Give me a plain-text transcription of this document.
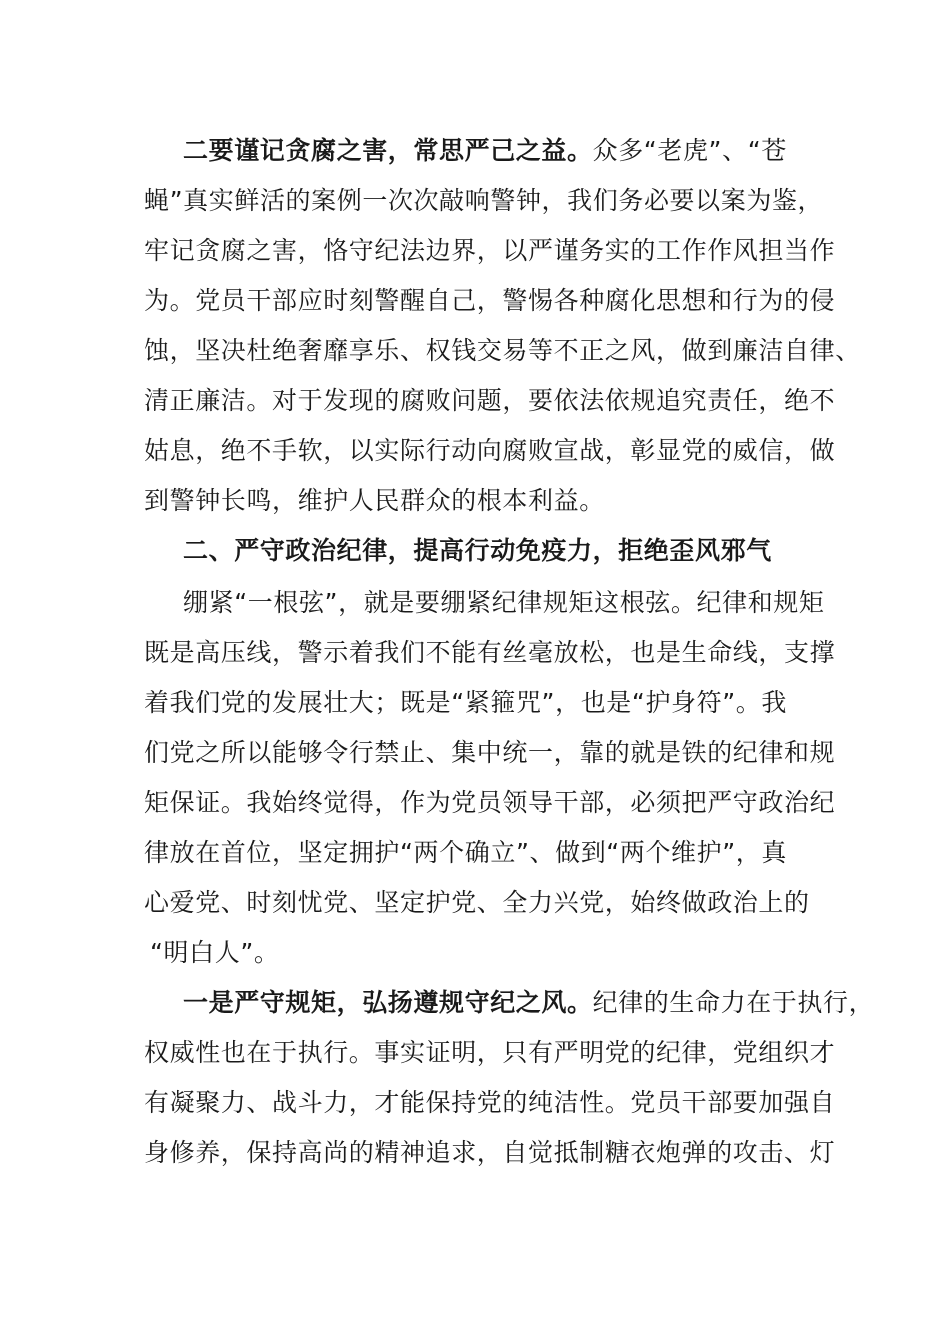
二要谨记贪腐之害，常思严己之益。众多“老虎”、“苍
蝇”真实鲜活的案例一次次敲响警钟，我们务必要以案为鉴，
牢记贪腐之害，恪守纪法边界，以严谨务实的工作作风担当作
为。党员干部应时刻警醒自己，警惕各种腐化思想和行为的侵
蚀，坚决杜绝奢靡享乐、权钱交易等不正之风，做到廉洁自律、
清正廉洁。对于发现的腐败问题，要依法依规追究责任，绝不
姑息，绝不手软，以实际行动向腐败宣战，彰显党的威信，做
到警钟长鸣，维护人民群众的根本利益。
二、严守政治纪律，提高行动免疫力，拒绝歪风邪气
绷紧“一根弦”，就是要绷紧纪律规矩这根弦。纪律和规矩
既是高压线，警示着我们不能有丝毫放松，也是生命线，支撑
着我们党的发展壮大；既是“紧箍咒”，也是“护身符”。我
们党之所以能够令行禁止、集中统一，靠的就是铁的纪律和规
矩保证。我始终觉得，作为党员领导干部，必须把严守政治纪
律放在首位，坚定拥护“两个确立”、做到“两个维护”，真
心爱党、时刻忧党、坚定护党、全力兴党，始终做政治上的
“明白人”。
一是严守规矩，弘扬遵规守纪之风。纪律的生命力在于执行，
权威性也在于执行。事实证明，只有严明党的纪律，党组织才
有凝聚力、战斗力，才能保持党的纯洁性。党员干部要加强自
身修养，保持高尚的精神追求，自觉抵制糖衣炮弹的攻击、灯
